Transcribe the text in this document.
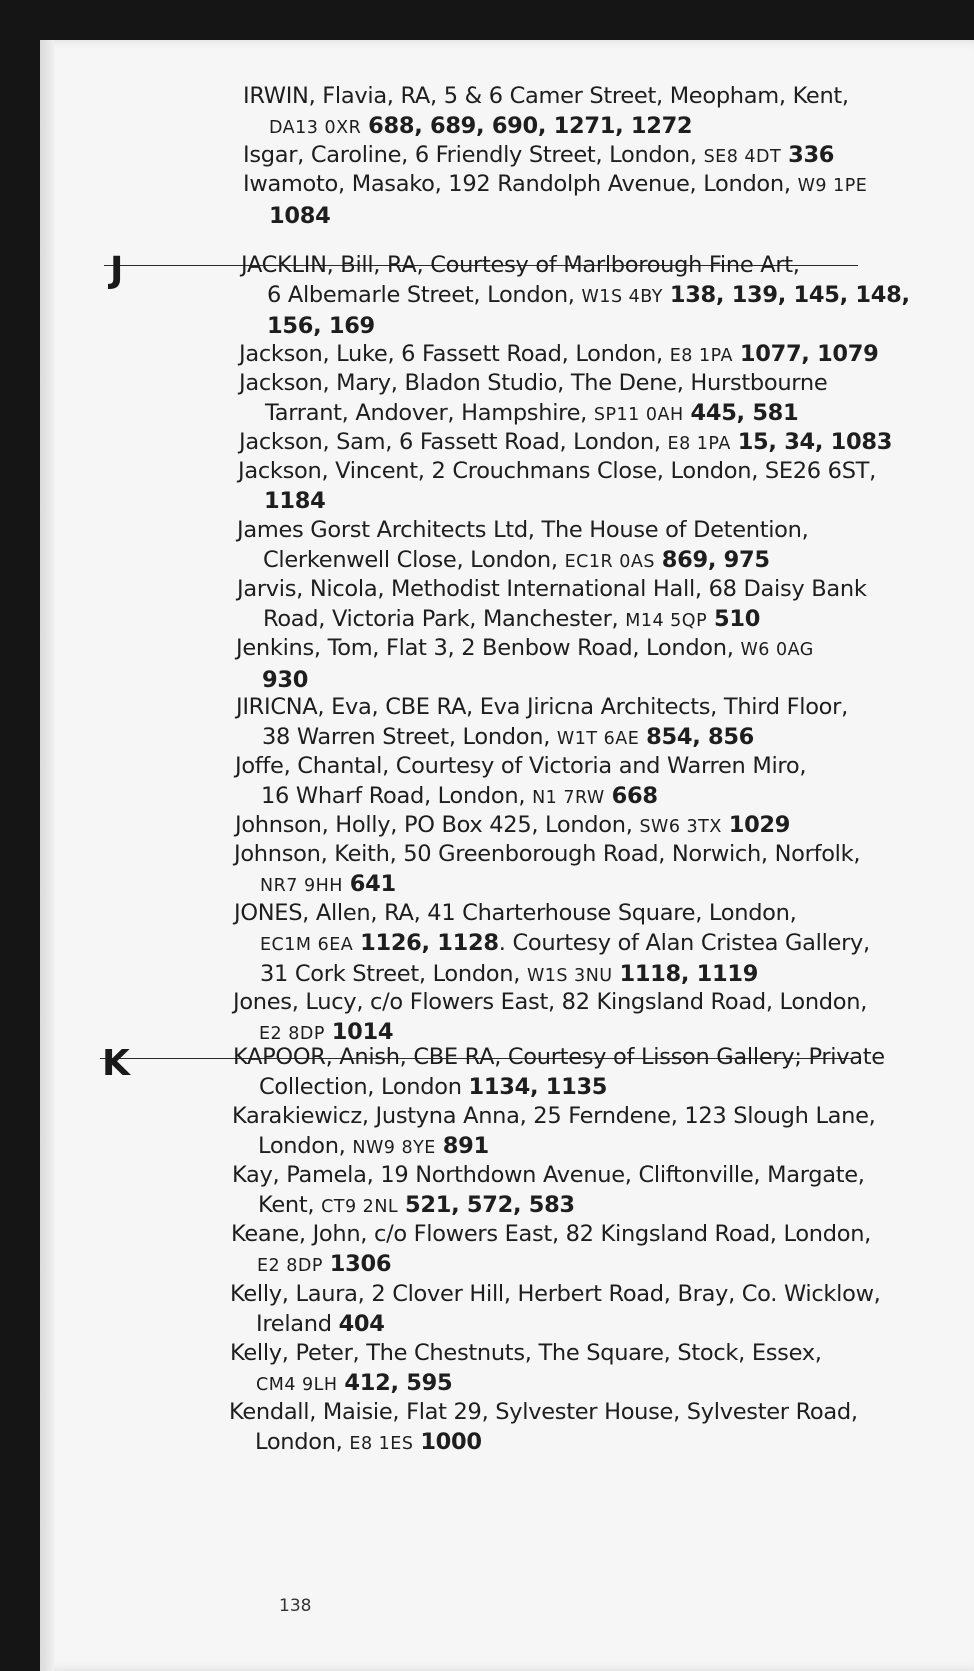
IRWIN, Flavia, RA, 5 & 6 Camer Street, Meopham, Kent,
DA13 0XR 688, 689, 690, 1271, 1272
Isgar, Caroline, 6 Friendly Street, London, SE8 4DT 336
Iwamoto, Masako, 192 Randolph Avenue, London, W9 1PE
1084
J	JACKLIN, Bill, RA, Courtesy of Marlborough Fine Art,
6 Albemarle Street, London, W1S 4BY 138, 139, 145, 148,
156, 169
Jackson, Luke, 6 Fassett Road, London, E8 1PA 1077, 1079
Jackson, Mary, Bladon Studio, The Dene, Hurstbourne
Tarrant, Andover, Hampshire, SP11 0AH 445, 581
Jackson, Sam, 6 Fassett Road, London, E8 1PA 15, 34, 1083
Jackson, Vincent, 2 Crouchmans Close, London, SE26 6ST,
1184
James Gorst Architects Ltd, The House of Detention,
Clerkenwell Close, London, EC1R 0AS 869, 975
Jarvis, Nicola, Methodist International Hall, 68 Daisy Bank
Road, Victoria Park, Manchester, M14 5QP 510
Jenkins, Tom, Flat 3, 2 Benbow Road, London, W6 0AG
930
JIRICNA, Eva, CBE RA, Eva Jiricna Architects, Third Floor,
38 Warren Street, London, W1T 6AE 854, 856
Joffe, Chantal, Courtesy of Victoria and Warren Miro,
16 Wharf Road, London, N1 7RW 668
Johnson, Holly, PO Box 425, London, SW6 3TX 1029
Johnson, Keith, 50 Greenborough Road, Norwich, Norfolk,
NR7 9HH 641
JONES, Allen, RA, 41 Charterhouse Square, London,
EC1M 6EA 1126, 1128. Courtesy of Alan Cristea Gallery,
31 Cork Street, London, W1S 3NU 1118, 1119
Jones, Lucy, c/o Flowers East, 82 Kingsland Road, London,
E2 8DP 1014
K	KAPOOR, Anish, CBE RA, Courtesy of Lisson Gallery; Private
Collection, London 1134, 1135
Karakiewicz, Justyna Anna, 25 Ferndene, 123 Slough Lane,
London, NW9 8YE 891
Kay, Pamela, 19 Northdown Avenue, Cliftonville, Margate,
Kent, CT9 2NL 521, 572, 583
Keane, John, c/o Flowers East, 82 Kingsland Road, London,
E2 8DP 1306
Kelly, Laura, 2 Clover Hill, Herbert Road, Bray, Co. Wicklow,
Ireland 404
Kelly, Peter, The Chestnuts, The Square, Stock, Essex,
CM4 9LH 412, 595
Kendall, Maisie, Flat 29, Sylvester House, Sylvester Road,
London, E8 1ES 1000
138
